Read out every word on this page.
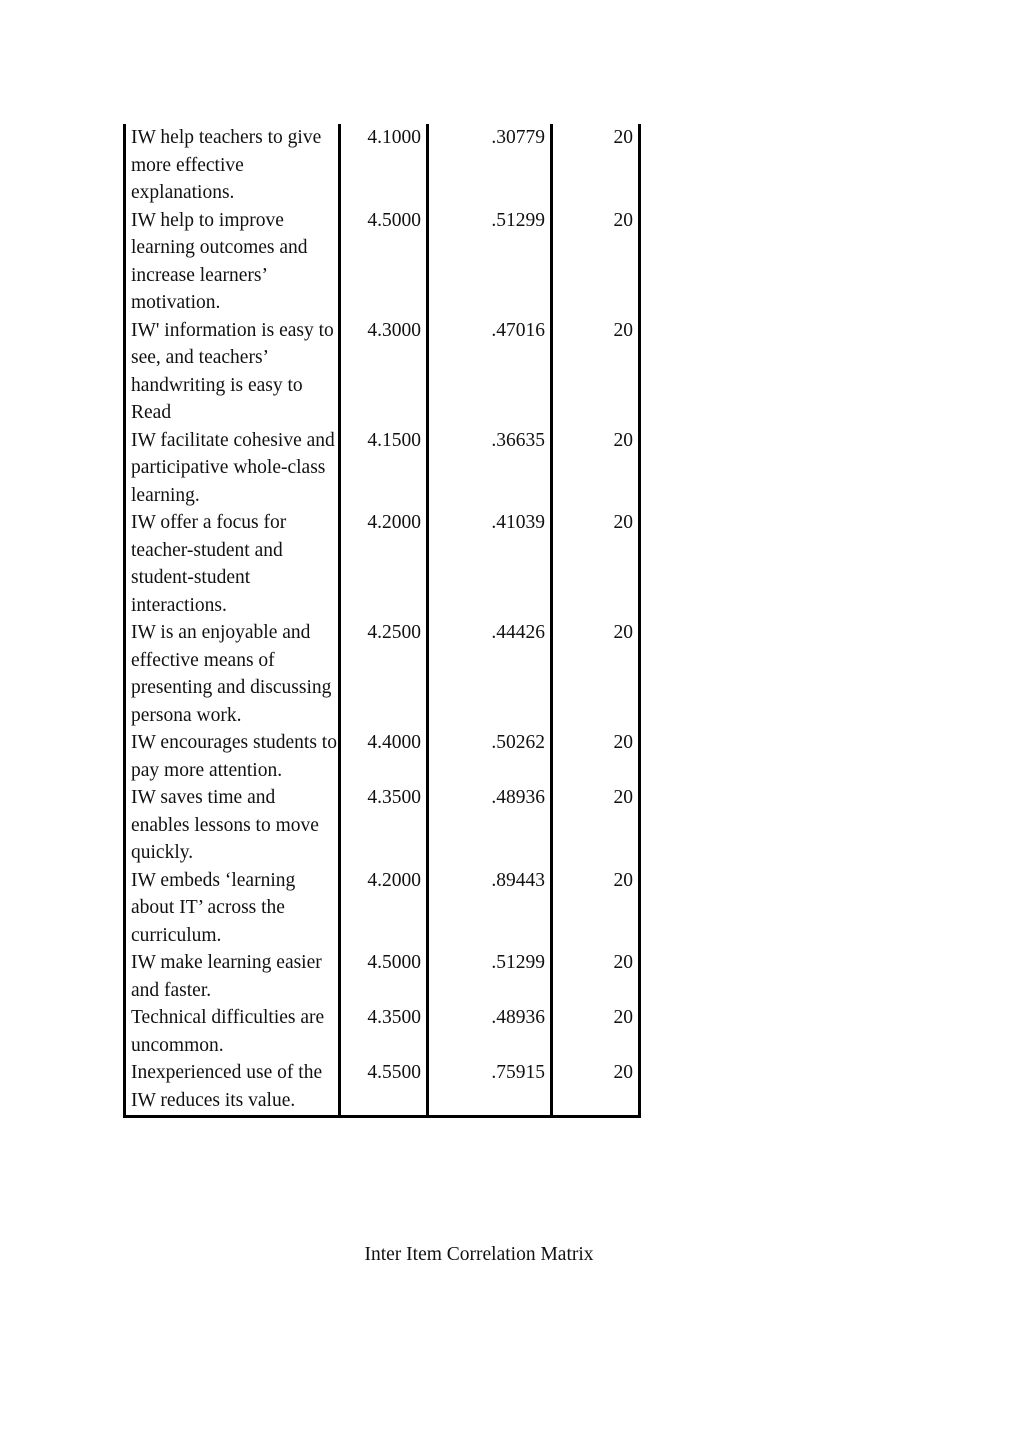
IW help teachers to give more effective explanations.	4.1000	.30779	20
IW help to improve learning outcomes and increase learners’ motivation.	4.5000	.51299	20
IW' information is easy to see, and teachers’ handwriting is easy to Read	4.3000	.47016	20
IW facilitate cohesive and participative whole-class learning.	4.1500	.36635	20
IW offer a focus for teacher-student and student-student interactions.	4.2000	.41039	20
IW is an enjoyable and effective means of presenting and discussing persona work.	4.2500	.44426	20
IW encourages students to pay more attention.	4.4000	.50262	20
IW saves time and enables lessons to move quickly.	4.3500	.48936	20
IW embeds ‘learning about IT’ across the curriculum.	4.2000	.89443	20
IW make learning easier and faster.	4.5000	.51299	20
Technical difficulties are uncommon.	4.3500	.48936	20
Inexperienced use of the IW reduces its value.	4.5500	.75915	20
Inter Item Correlation Matrix
